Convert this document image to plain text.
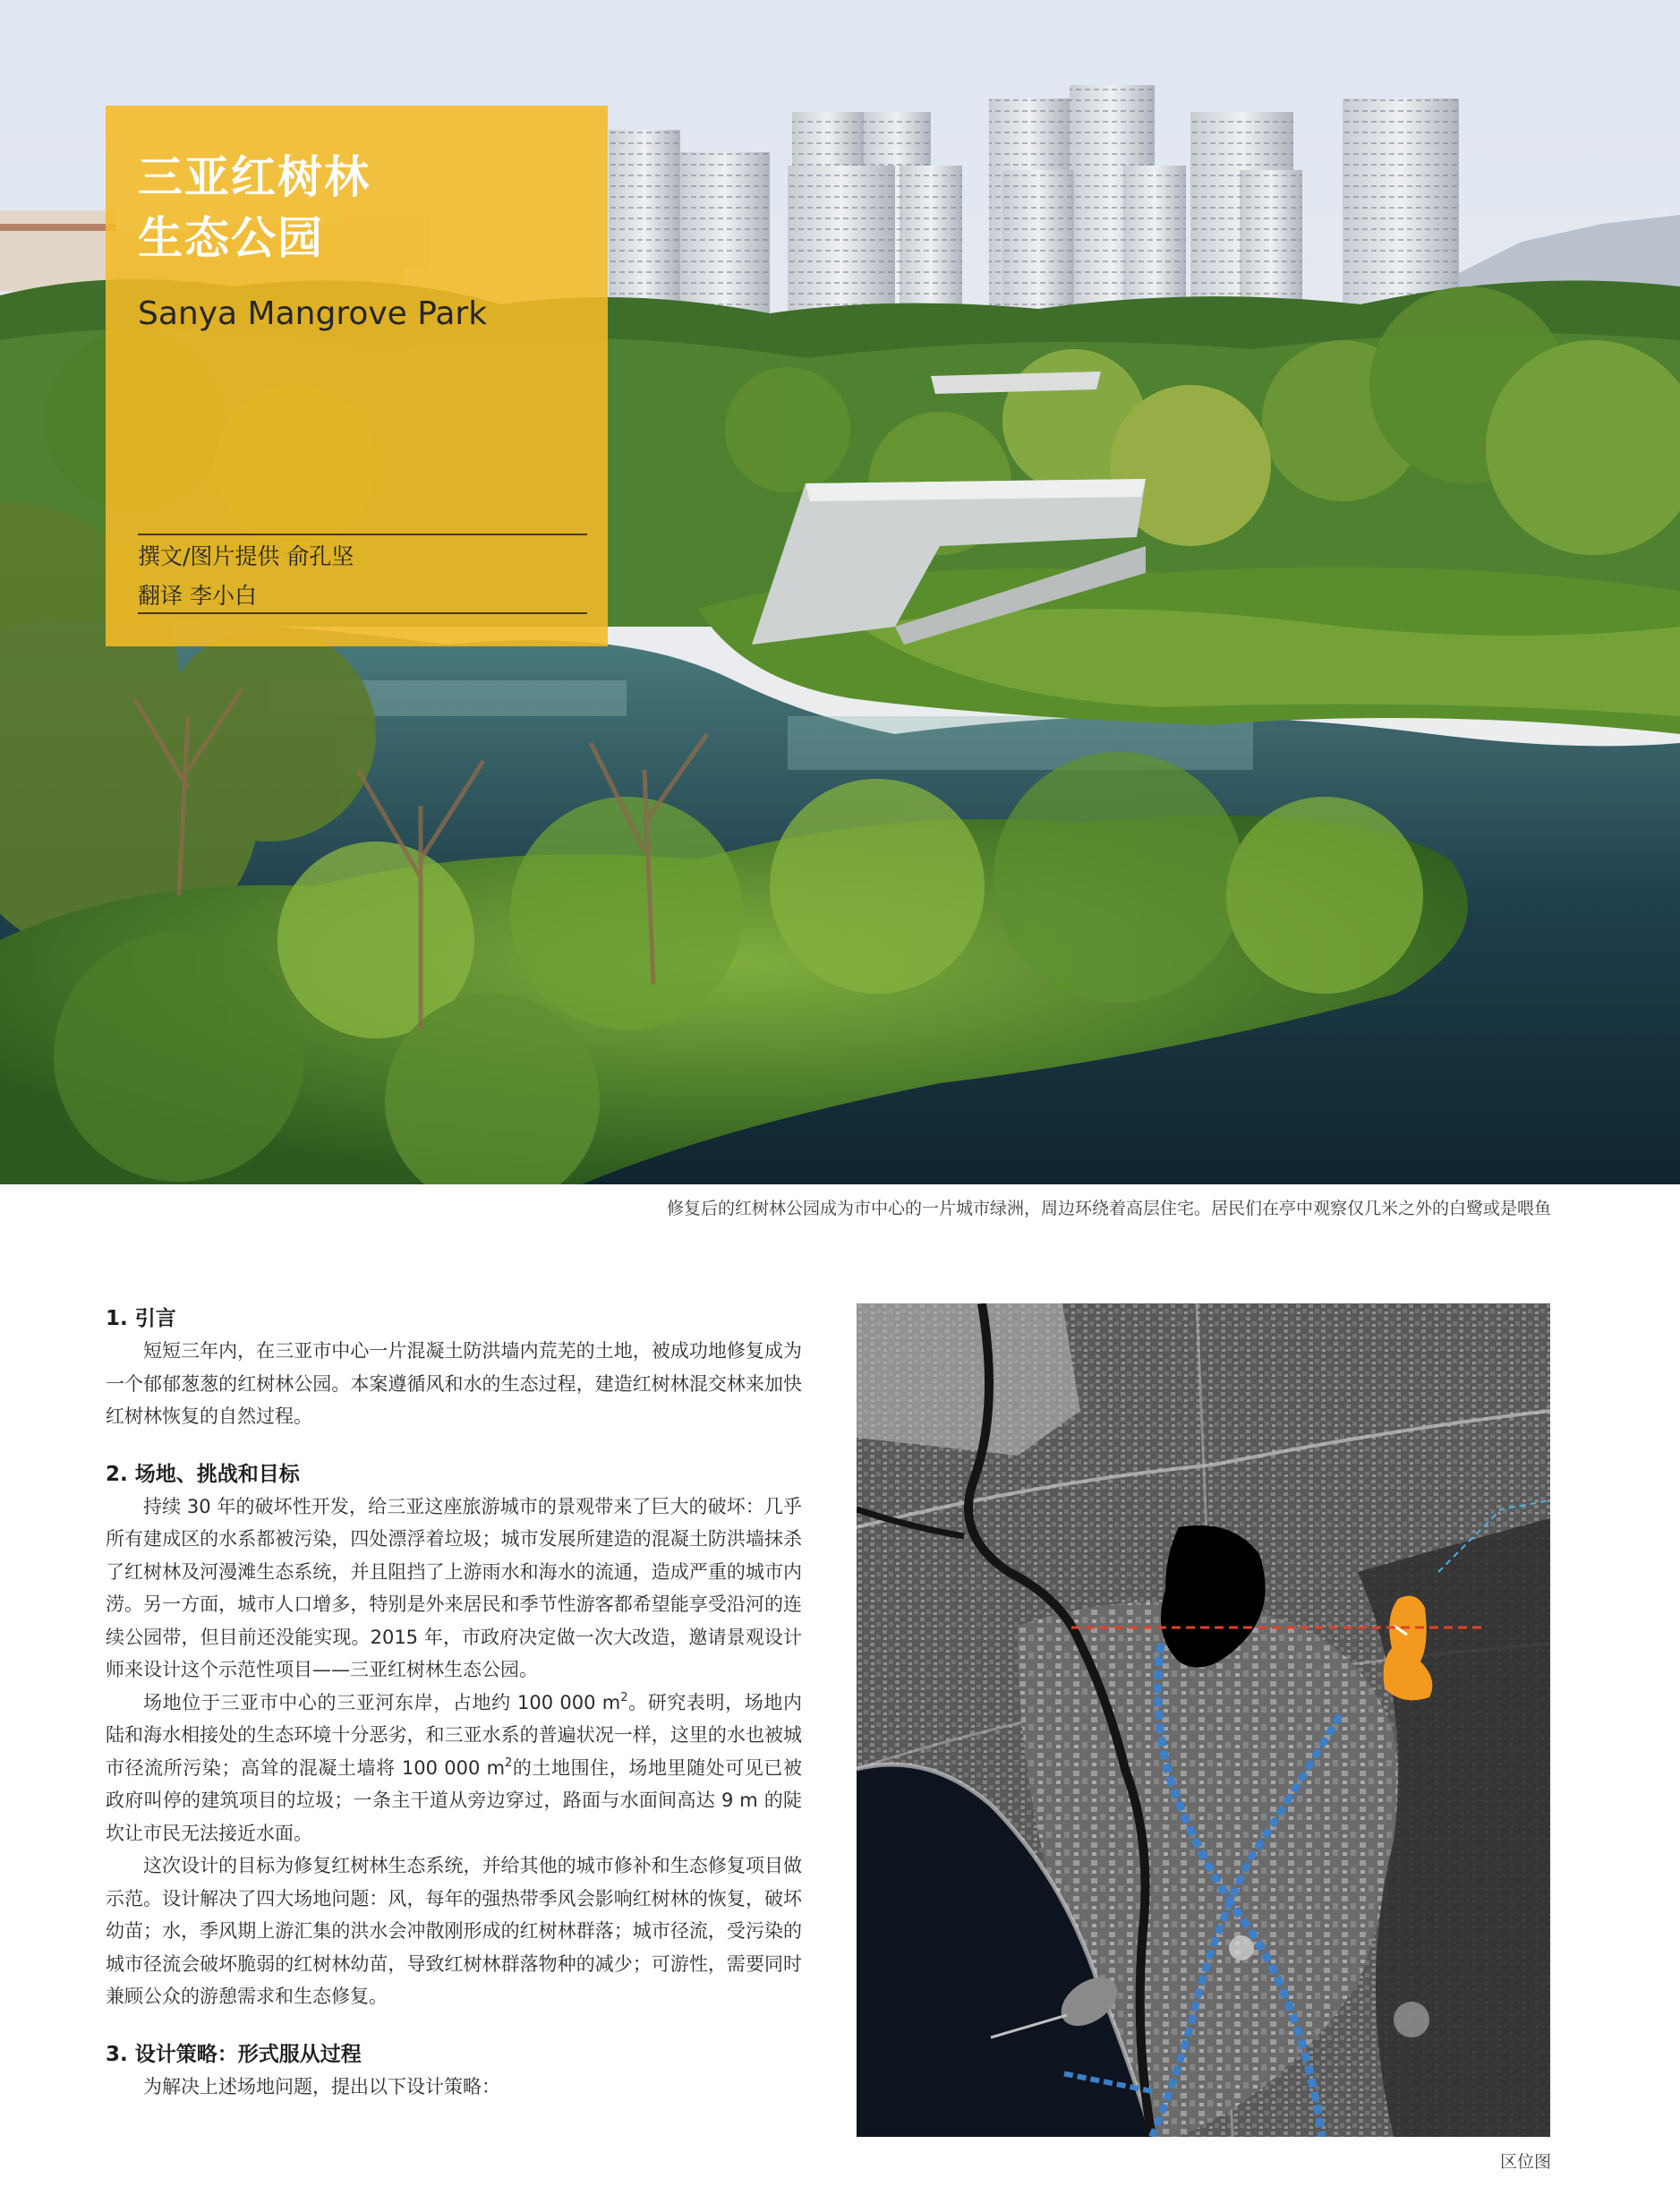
三亚红树林
生态公园
Sanya Mangrove Park
撰文/图片提供 俞孔坚
翻译 李小白
修复后的红树林公园成为市中心的一片城市绿洲，周边环绕着高层住宅。居民们在亭中观察仅几米之外的白鹭或是喂鱼
1. 引言

短短三年内，在三亚市中心一片混凝土防洪墙内荒芜的土地，被成功地修复成为一个郁郁葱葱的红树林公园。本案遵循风和水的生态过程，建造红树林混交林来加快红树林恢复的自然过程。

2. 场地、挑战和目标

持续 30 年的破坏性开发，给三亚这座旅游城市的景观带来了巨大的破坏：几乎所有建成区的水系都被污染，四处漂浮着垃圾；城市发展所建造的混凝土防洪墙抹杀了红树林及河漫滩生态系统，并且阻挡了上游雨水和海水的流通，造成严重的城市内涝。另一方面，城市人口增多，特别是外来居民和季节性游客都希望能享受沿河的连续公园带，但目前还没能实现。2015 年，市政府决定做一次大改造，邀请景观设计师来设计这个示范性项目——三亚红树林生态公园。

场地位于三亚市中心的三亚河东岸，占地约 100 000 $m^2$。研究表明，场地内陆和海水相接处的生态环境十分恶劣，和三亚水系的普遍状况一样，这里的水也被城市径流所污染；高耸的混凝土墙将 100 000 $m^2$的土地围住，场地里随处可见已被政府叫停的建筑项目的垃圾；一条主干道从旁边穿过，路面与水面间高达 9 m 的陡坎让市民无法接近水面。

这次设计的目标为修复红树林生态系统，并给其他的城市修补和生态修复项目做示范。设计解决了四大场地问题：风，每年的强热带季风会影响红树林的恢复，破坏幼苗；水，季风期上游汇集的洪水会冲散刚形成的红树林群落；城市径流，受污染的城市径流会破坏脆弱的红树林幼苗，导致红树林群落物种的减少；可游性，需要同时兼顾公众的游憩需求和生态修复。

3. 设计策略：形式服从过程

为解决上述场地问题，提出以下设计策略：

区位图
